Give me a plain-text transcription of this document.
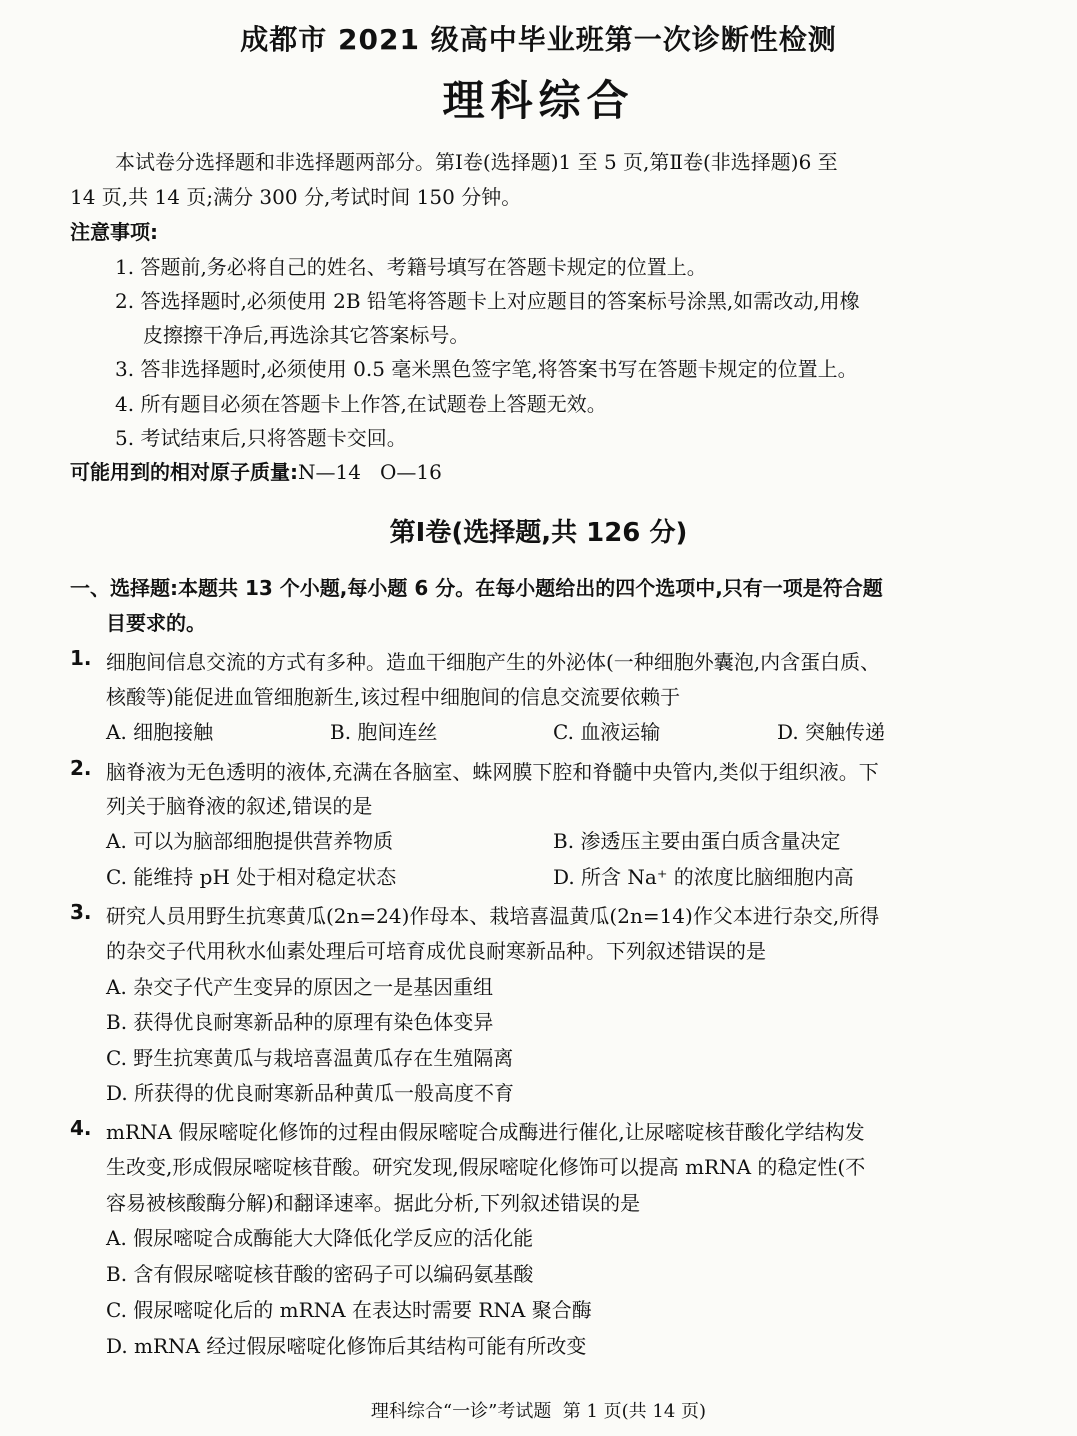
成都市 2021 级高中毕业班第一次诊断性检测
理科综合
本试卷分选择题和非选择题两部分。第Ⅰ卷(选择题)1 至 5 页,第Ⅱ卷(非选择题)6 至
14 页,共 14 页;满分 300 分,考试时间 150 分钟。
注意事项:
1. 答题前,务必将自己的姓名、考籍号填写在答题卡规定的位置上。
2. 答选择题时,必须使用 2B 铅笔将答题卡上对应题目的答案标号涂黑,如需改动,用橡
皮擦擦干净后,再选涂其它答案标号。
3. 答非选择题时,必须使用 0.5 毫米黑色签字笔,将答案书写在答题卡规定的位置上。
4. 所有题目必须在答题卡上作答,在试题卷上答题无效。
5. 考试结束后,只将答题卡交回。
可能用到的相对原子质量:N—14   O—16
第Ⅰ卷(选择题,共 126 分)
一、选择题:本题共 13 个小题,每小题 6 分。在每小题给出的四个选项中,只有一项是符合题
目要求的。
1. 细胞间信息交流的方式有多种。造血干细胞产生的外泌体(一种细胞外囊泡,内含蛋白质、
核酸等)能促进血管细胞新生,该过程中细胞间的信息交流要依赖于
A. 细胞接触	B. 胞间连丝	C. 血液运输	D. 突触传递
2. 脑脊液为无色透明的液体,充满在各脑室、蛛网膜下腔和脊髓中央管内,类似于组织液。下
列关于脑脊液的叙述,错误的是
A. 可以为脑部细胞提供营养物质	B. 渗透压主要由蛋白质含量决定
C. 能维持 pH 处于相对稳定状态	D. 所含 Na⁺ 的浓度比脑细胞内高
3. 研究人员用野生抗寒黄瓜(2n=24)作母本、栽培喜温黄瓜(2n=14)作父本进行杂交,所得
的杂交子代用秋水仙素处理后可培育成优良耐寒新品种。下列叙述错误的是
A. 杂交子代产生变异的原因之一是基因重组
B. 获得优良耐寒新品种的原理有染色体变异
C. 野生抗寒黄瓜与栽培喜温黄瓜存在生殖隔离
D. 所获得的优良耐寒新品种黄瓜一般高度不育
4. mRNA 假尿嘧啶化修饰的过程由假尿嘧啶合成酶进行催化,让尿嘧啶核苷酸化学结构发
生改变,形成假尿嘧啶核苷酸。研究发现,假尿嘧啶化修饰可以提高 mRNA 的稳定性(不
容易被核酸酶分解)和翻译速率。据此分析,下列叙述错误的是
A. 假尿嘧啶合成酶能大大降低化学反应的活化能
B. 含有假尿嘧啶核苷酸的密码子可以编码氨基酸
C. 假尿嘧啶化后的 mRNA 在表达时需要 RNA 聚合酶
D. mRNA 经过假尿嘧啶化修饰后其结构可能有所改变
理科综合“一诊”考试题  第 1 页(共 14 页)
